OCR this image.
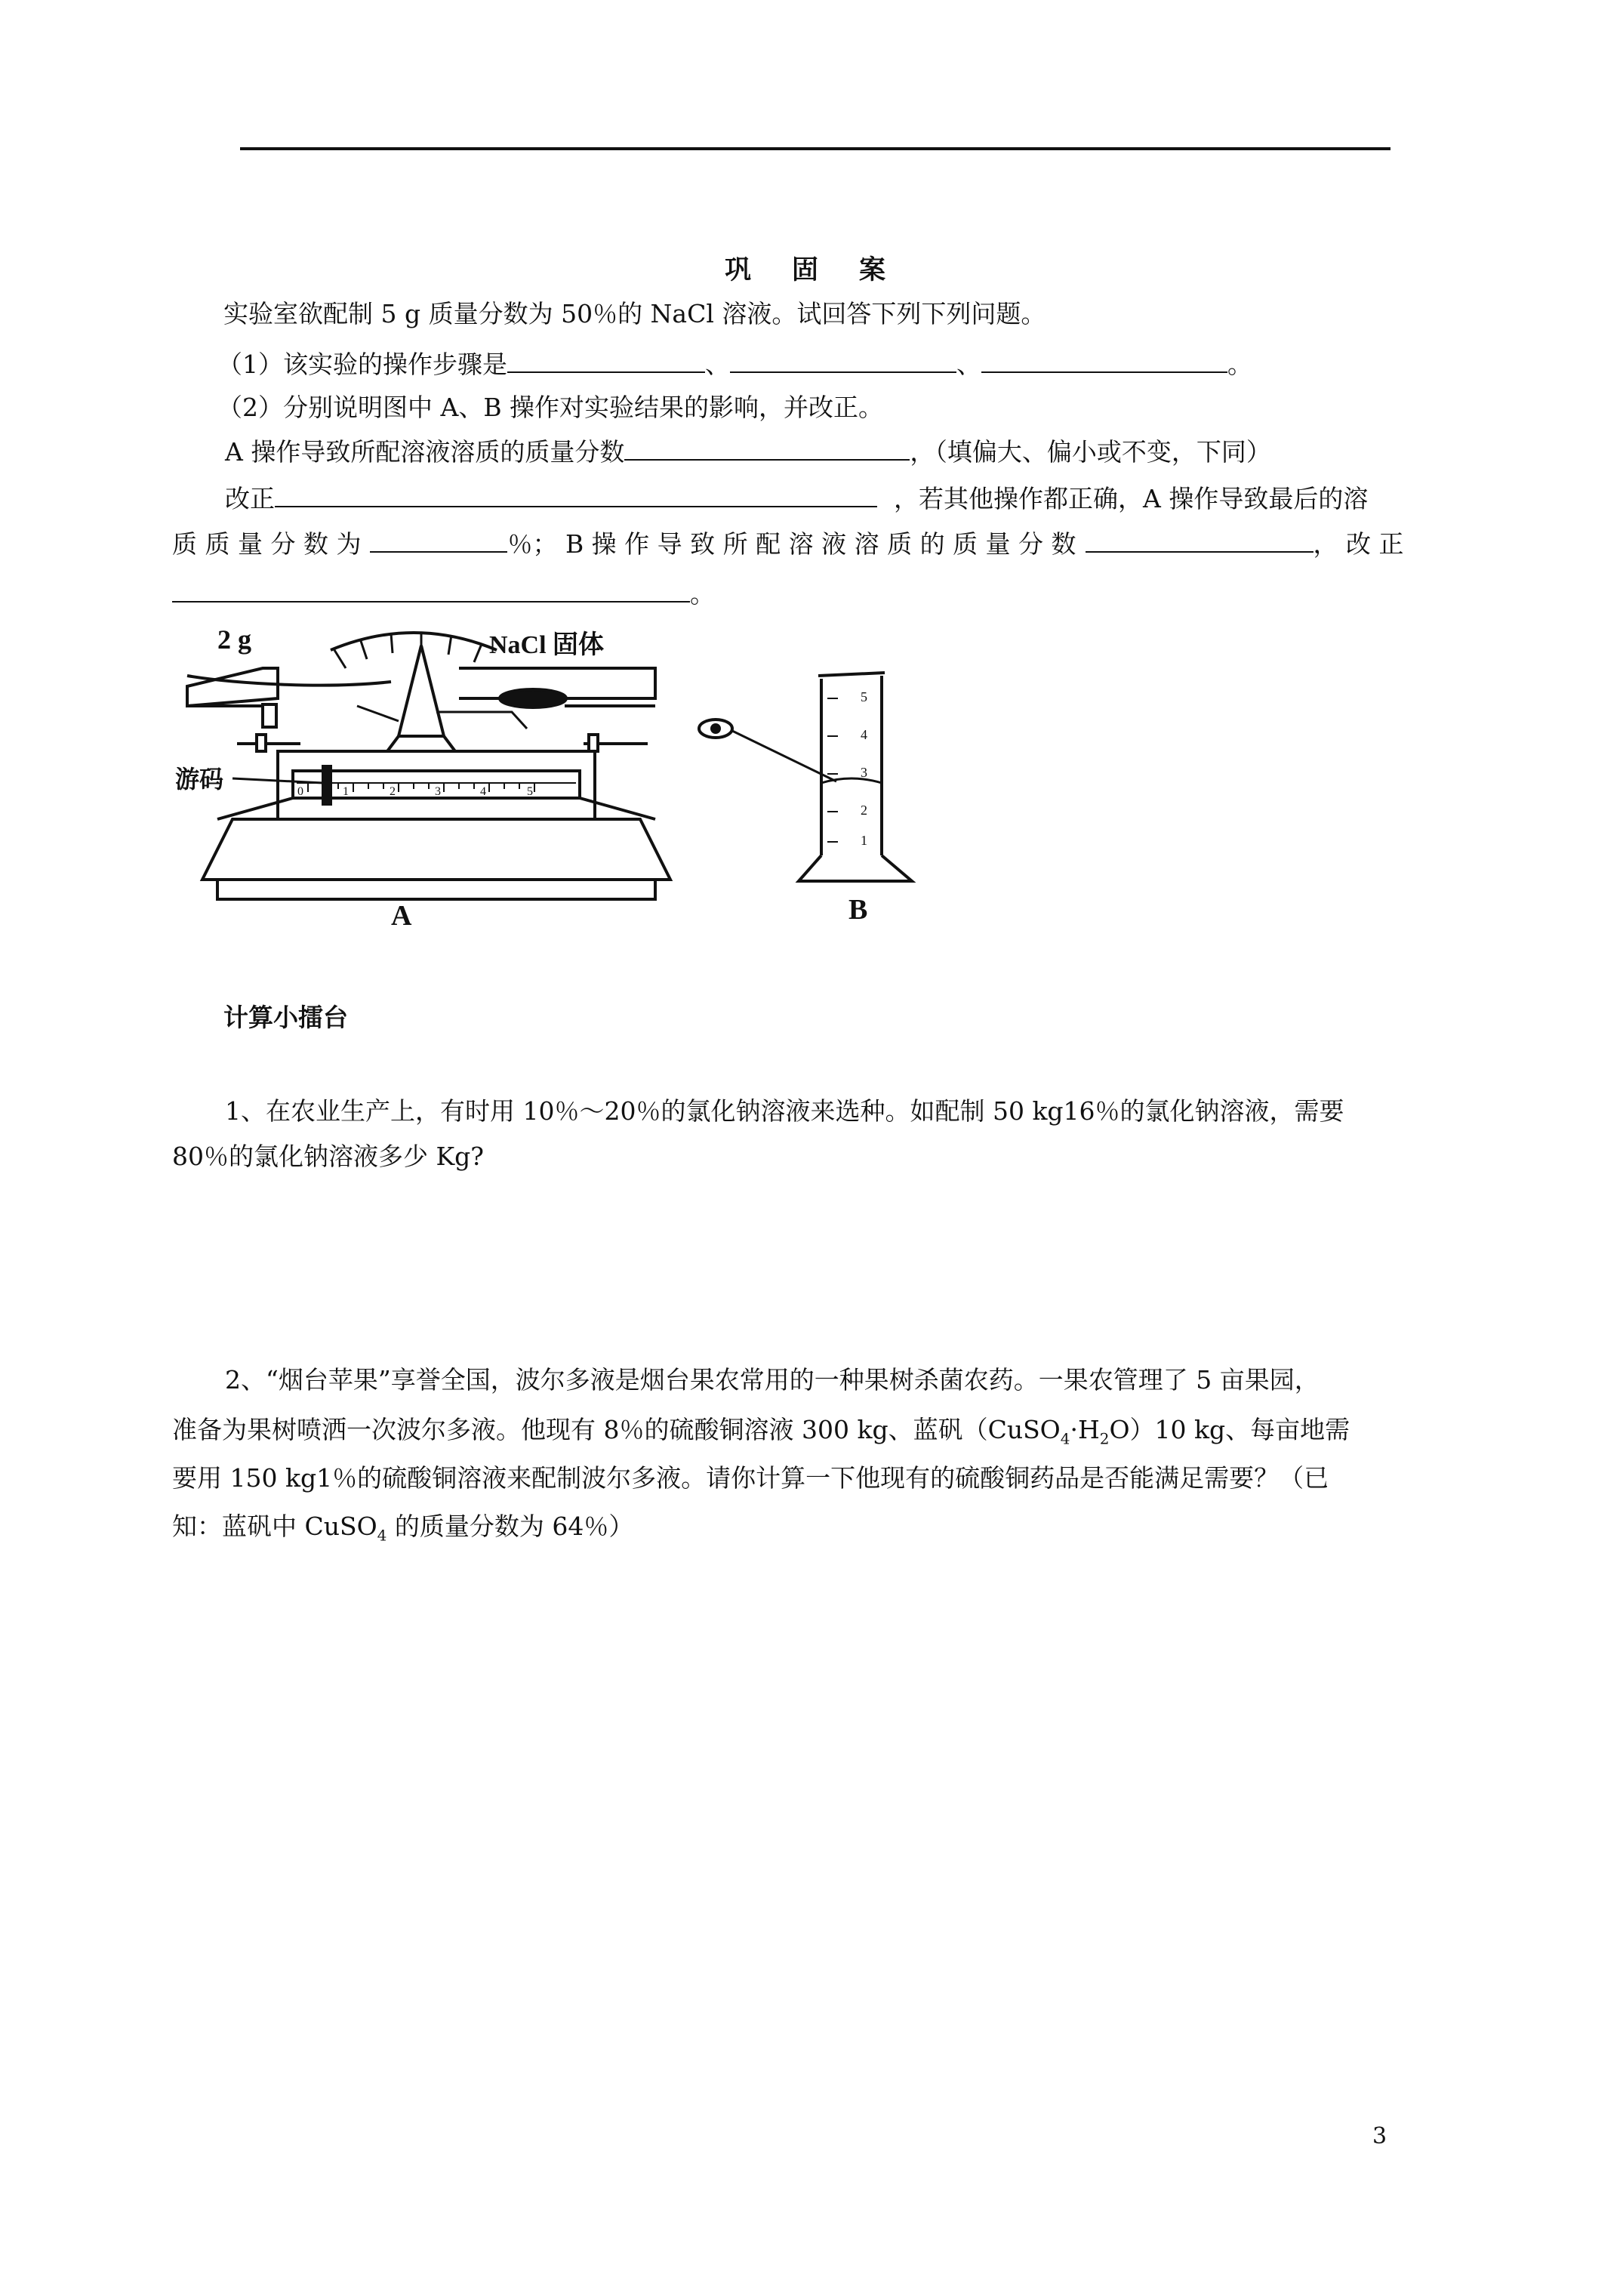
巩 固 案
实验室欲配制 5 g 质量分数为 50％的 NaCl 溶液。试回答下列下列问题。
（1）该实验的操作步骤是	、	、	。
（2）分别说明图中 A、B 操作对实验结果的影响，并改正。
A 操作导致所配溶液溶质的质量分数	，（填偏大、偏小或不变，下同）
改正	，若其他操作都正确，A 操作导致最后的溶
质 质 量 分 数 为	％； B 操 作 导 致 所 配 溶 液 溶 质 的 质 量 分 数	， 改 正
。
0	1	2	3	4	5
2 g	NaCl 固体
游码
A
5
4
3
2
1
B
计算小擂台
1、在农业生产上，有时用 10％～20％的氯化钠溶液来选种。如配制 50 kg16％的氯化钠溶液，需要
80％的氯化钠溶液多少 Kg?
2、“烟台苹果”享誉全国，波尔多液是烟台果农常用的一种果树杀菌农药。一果农管理了 5 亩果园，
准备为果树喷洒一次波尔多液。他现有 8％的硫酸铜溶液 300 kg、蓝矾$(CuSO_4\cdot H_2O)10$ kg、每亩地需
要用 150 kg1％的硫酸铜溶液来配制波尔多液。请你计算一下他现有的硫酸铜药品是否能满足需要？（已
知：蓝矾中 CuSO$_4$ 的质量分数为 64％）
3
